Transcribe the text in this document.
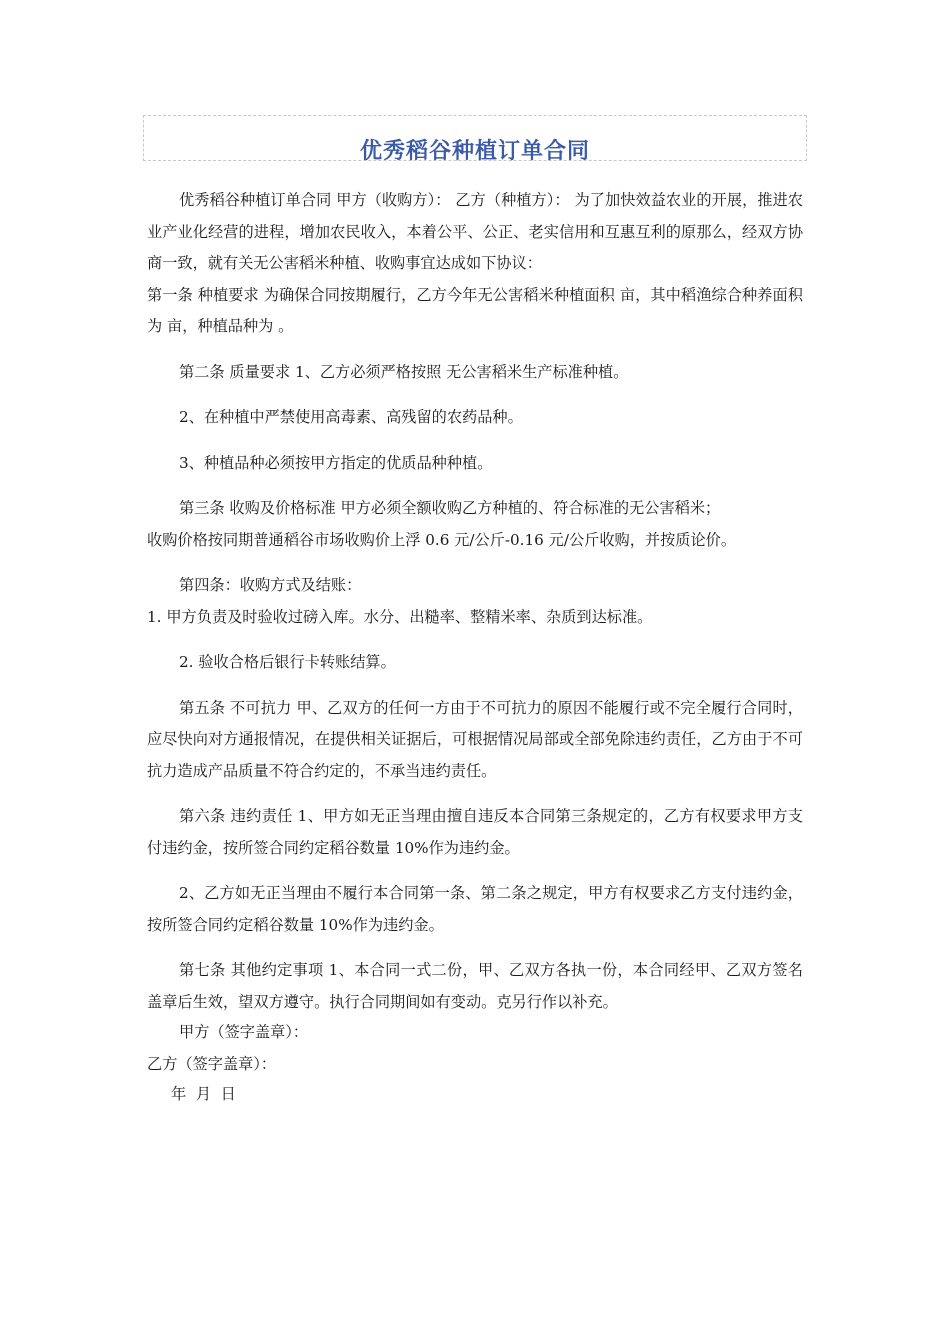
优秀稻谷种植订单合同

优秀稻谷种植订单合同 甲方（收购方）： 乙方（种植方）： 为了加快效益农业的开展，推进农业产业化经营的进程，增加农民收入，本着公平、公正、老实信用和互惠互利的原那么，经双方协商一致，就有关无公害稻米种植、收购事宜达成如下协议：

第一条 种植要求 为确保合同按期履行，乙方今年无公害稻米种植面积 亩，其中稻渔综合种养面积为 亩，种植品种为 。

第二条 质量要求 1、乙方必须严格按照 无公害稻米生产标准种植。

2、在种植中严禁使用高毒素、高残留的农药品种。

3、种植品种必须按甲方指定的优质品种种植。

第三条 收购及价格标准 甲方必须全额收购乙方种植的、符合标准的无公害稻米；

收购价格按同期普通稻谷市场收购价上浮 0.6 元/公斤-0.16 元/公斤收购，并按质论价。

第四条：收购方式及结账：

1. 甲方负责及时验收过磅入库。水分、出糙率、整精米率、杂质到达标准。

2. 验收合格后银行卡转账结算。

第五条 不可抗力 甲、乙双方的任何一方由于不可抗力的原因不能履行或不完全履行合同时，应尽快向对方通报情况，在提供相关证据后，可根据情况局部或全部免除违约责任，乙方由于不可抗力造成产品质量不符合约定的，不承当违约责任。

第六条 违约责任 1、甲方如无正当理由擅自违反本合同第三条规定的，乙方有权要求甲方支付违约金，按所签合同约定稻谷数量 10%作为违约金。

2、乙方如无正当理由不履行本合同第一条、第二条之规定，甲方有权要求乙方支付违约金，按所签合同约定稻谷数量 10%作为违约金。

第七条 其他约定事项 1、本合同一式二份，甲、乙双方各执一份，本合同经甲、乙双方签名盖章后生效，望双方遵守。执行合同期间如有变动。克另行作以补充。

甲方（签字盖章）：
乙方（签字盖章）：
年  月  日
